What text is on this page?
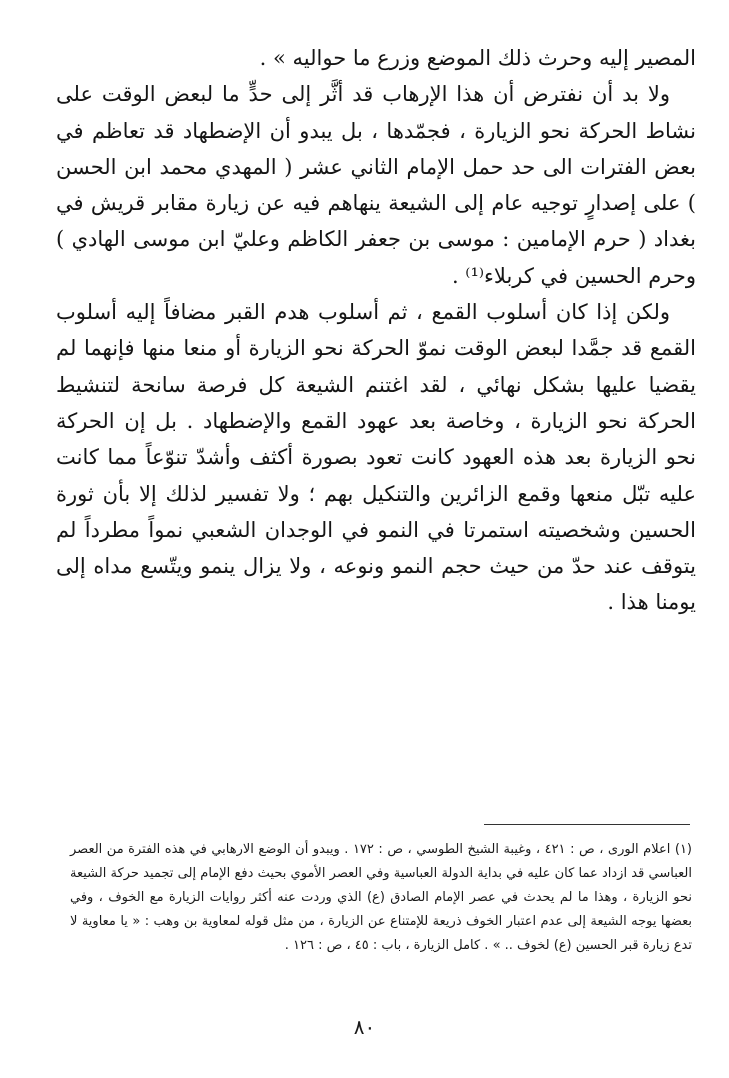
المصير إليه وحرث ذلك الموضع وزرع ما حواليه » .

ولا بد أن نفترض أن هذا الإرهاب قد أثَّر إلى حدٍّ ما لبعض الوقت على نشاط الحركة نحو الزيارة ، فجمّدها ، بل يبدو أن الإضطهاد قد تعاظم في بعض الفترات الى حد حمل الإمام الثاني عشر ( المهدي محمد ابن الحسن ) على إصدارٍ توجيه عام إلى الشيعة ينهاهم فيه عن زيارة مقابر قريش في بغداد ( حرم الإمامين : موسى بن جعفر الكاظم وعليّ ابن موسى الهادي ) وحرم الحسين في كربلاء⁽¹⁾ .

ولكن إذا كان أسلوب القمع ، ثم أسلوب هدم القبر مضافاً إليه أسلوب القمع قد جمَّدا لبعض الوقت نموّ الحركة نحو الزيارة أو منعا منها فإنهما لم يقضيا عليها بشكل نهائي ، لقد اغتنم الشيعة كل فرصة سانحة لتنشيط الحركة نحو الزيارة ، وخاصة بعد عهود القمع والإضطهاد . بل إن الحركة نحو الزيارة بعد هذه العهود كانت تعود بصورة أكثف وأشدّ تنوّعاً مما كانت عليه تبّل منعها وقمع الزائرين والتنكيل بهم ؛ ولا تفسير لذلك إلا بأن ثورة الحسين وشخصيته استمرتا في النمو في الوجدان الشعبي نمواً مطرداً لم يتوقف عند حدّ من حيث حجم النمو ونوعه ، ولا يزال ينمو ويتّسع مداه إلى يومنا هذا .

(١) اعلام الورى ، ص : ٤٢١ ، وغيبة الشيخ الطوسي ، ص : ١٧٢ . ويبدو أن الوضع الارهابي في هذه الفترة من العصر العباسي قد ازداد عما كان عليه في بداية الدولة العباسية وفي العصر الأموي بحيث دفع الإمام إلى تجميد حركة الشيعة نحو الزيارة ، وهذا ما لم يحدث في عصر الإمام الصادق (ع) الذي وردت عنه أكثر روايات الزيارة مع الخوف ، وفي بعضها يوجه الشيعة إلى عدم اعتبار الخوف ذريعة للإمتناع عن الزيارة ، من مثل قوله لمعاوية بن وهب : « يا معاوية لا تدع زيارة قبر الحسين (ع) لخوف .. » . كامل الزيارة ، باب : ٤٥ ، ص : ١٢٦ .

٨٠
